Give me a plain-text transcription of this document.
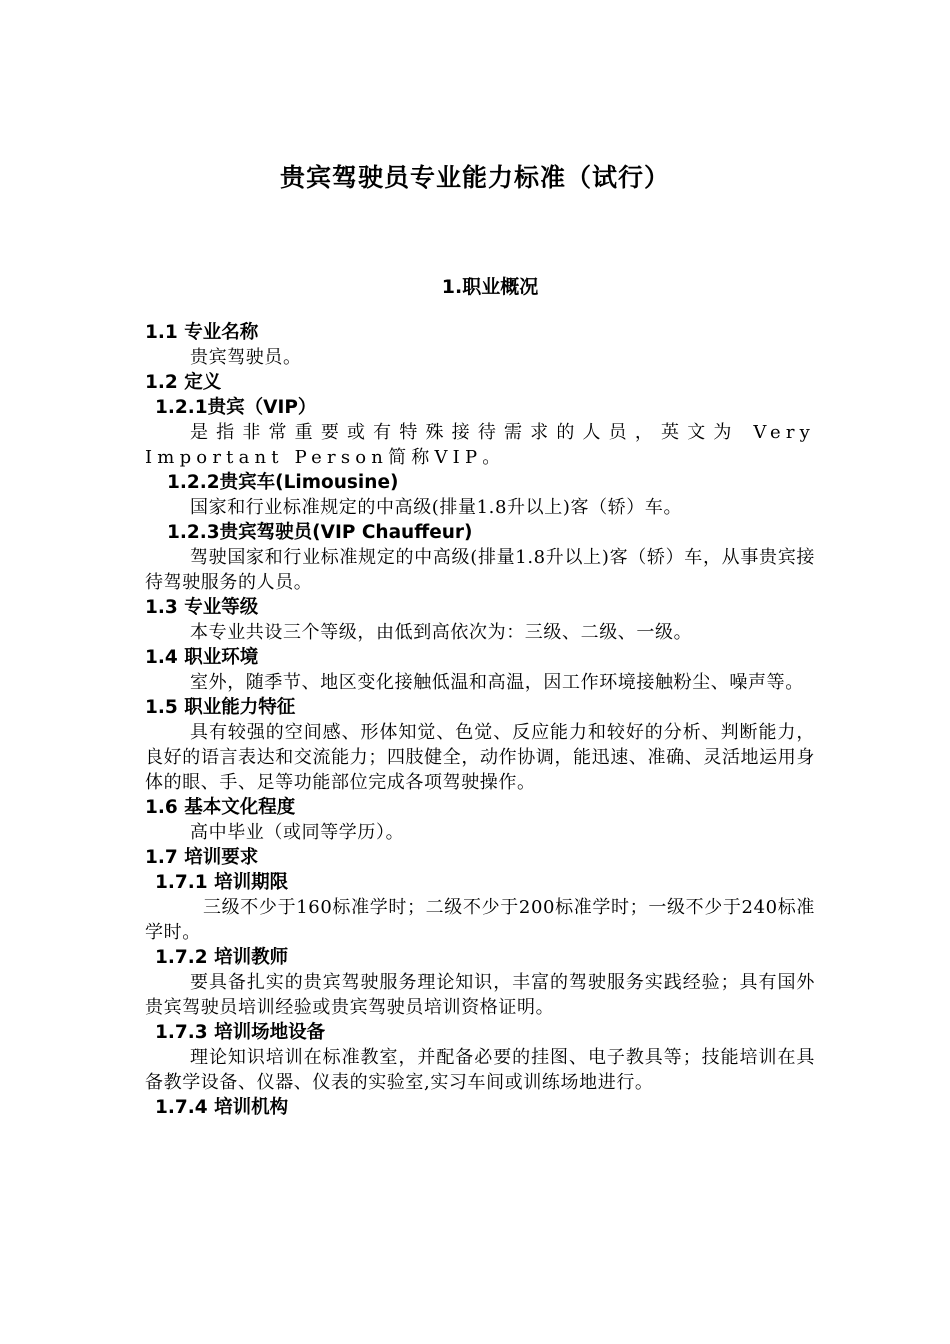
贵宾驾驶员专业能力标准（试行）
1.职业概况
1.1 专业名称
贵宾驾驶员。
1.2 定义
1.2.1贵宾（VIP）
是指非常重要或有特殊接待需求的人员，英文为 Very Important Person简称VIP。
1.2.2贵宾车(Limousine)
国家和行业标准规定的中高级(排量1.8升以上)客（轿）车。
1.2.3贵宾驾驶员(VIP Chauffeur)
驾驶国家和行业标准规定的中高级(排量1.8升以上)客（轿）车，从事贵宾接待驾驶服务的人员。
1.3 专业等级
本专业共设三个等级，由低到高依次为：三级、二级、一级。
1.4 职业环境
室外，随季节、地区变化接触低温和高温，因工作环境接触粉尘、噪声等。
1.5 职业能力特征
具有较强的空间感、形体知觉、色觉、反应能力和较好的分析、判断能力，良好的语言表达和交流能力；四肢健全，动作协调，能迅速、准确、灵活地运用身体的眼、手、足等功能部位完成各项驾驶操作。
1.6 基本文化程度
高中毕业（或同等学历）。
1.7 培训要求
1.7.1 培训期限
三级不少于160标准学时；二级不少于200标准学时；一级不少于240标准学时。
1.7.2 培训教师
要具备扎实的贵宾驾驶服务理论知识，丰富的驾驶服务实践经验；具有国外贵宾驾驶员培训经验或贵宾驾驶员培训资格证明。
1.7.3 培训场地设备
理论知识培训在标准教室，并配备必要的挂图、电子教具等；技能培训在具备教学设备、仪器、仪表的实验室,实习车间或训练场地进行。
1.7.4 培训机构
